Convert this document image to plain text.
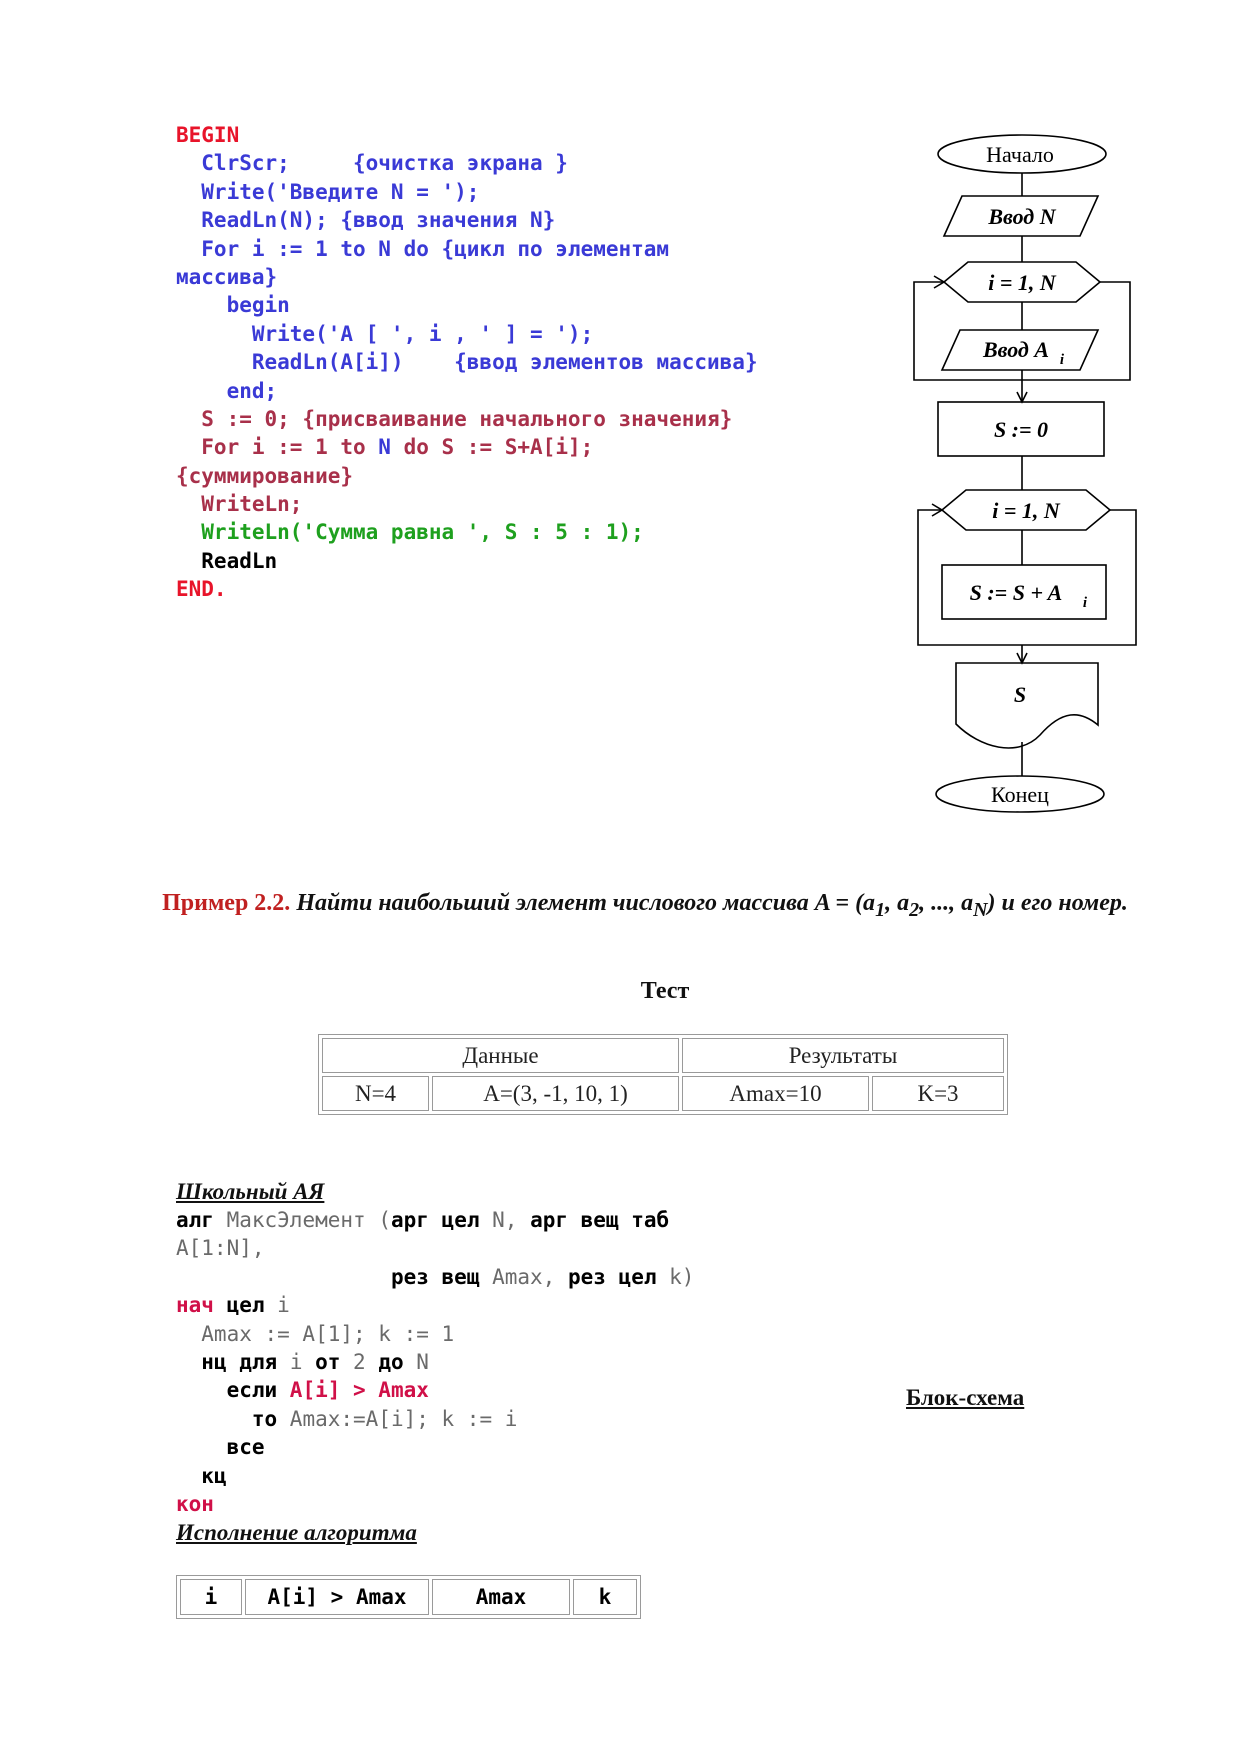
BEGIN
ClrScr;     {очистка экрана }
Write('Введите N = ');
ReadLn(N); {ввод значения N}
For i := 1 to N do {цикл по элементам
массива}
begin
Write('A [ ', i , ' ] = ');
ReadLn(A[i])    {ввод элементов массива}
end;
S := 0; {присваивание начального значения}
For i := 1 to N do S := S+A[i];
{суммирование}
WriteLn;
WriteLn('Сумма равна ', S : 5 : 1);
ReadLn
END.
Начало
Ввод N
i = 1, N
Ввод A i
S := 0
i = 1, N
S := S + A i
S
Конец
Пример 2.2. Найти наибольший элемент числового массива $A = (a_1$, $a_2$, ..., $a_N$) и его номер.
Тест
Данные		Результаты	
N=4	A=(3, -1, 10, 1)	Amax=10	K=3
Школьный АЯ
алг МаксЭлемент (арг цел N, арг вещ таб
A[1:N],
рез вещ Amax, рез цел k)
нач цел i
Amax := A[1]; k := 1
нц для i от 2 до N
если A[i] > Amax
то Amax:=A[i]; k := i
все
кц
кон
Блок-схема
Исполнение алгоритма
i	A[i] > Amax	Amax	k
